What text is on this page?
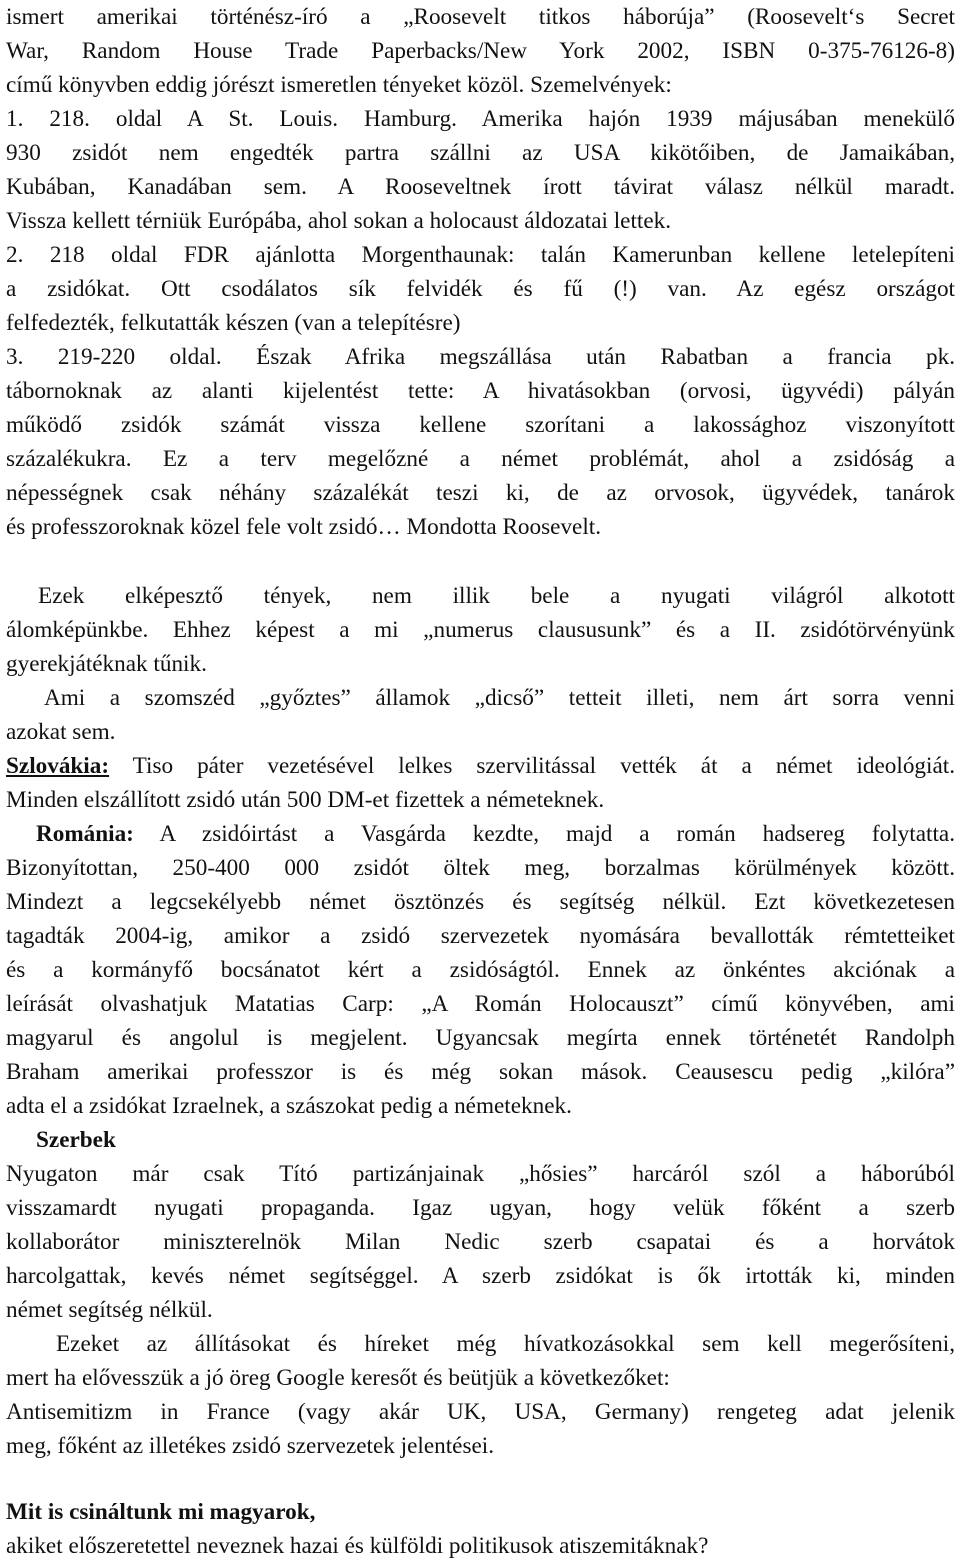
ismert amerikai történész-író a „Roosevelt titkos háborúja” (Roosevelt‘s Secret
War, Random House Trade Paperbacks/New York 2002, ISBN 0-375-76126-8)
című könyvben eddig jórészt ismeretlen tényeket közöl. Szemelvények:
1. 218. oldal A St. Louis. Hamburg. Amerika hajón 1939 májusában menekülő
930 zsidót nem engedték partra szállni az USA kikötőiben, de Jamaikában,
Kubában, Kanadában sem. A Rooseveltnek írott távirat válasz nélkül maradt.
Vissza kellett térniük Európába, ahol sokan a holocaust áldozatai lettek.
2. 218 oldal FDR ajánlotta Morgenthaunak: talán Kamerunban kellene letelepíteni
a zsidókat. Ott csodálatos sík felvidék és fű (!) van. Az egész országot
felfedezték, felkutatták készen (van a telepítésre)
3. 219-220 oldal. Észak Afrika megszállása után Rabatban a francia pk.
tábornoknak az alanti kijelentést tette: A hivatásokban (orvosi, ügyvédi) pályán
működő zsidók számát vissza kellene szorítani a lakossághoz viszonyított
százalékukra. Ez a terv megelőzné a német problémát, ahol a zsidóság a
népességnek csak néhány százalékát teszi ki, de az orvosok, ügyvédek, tanárok
és professzoroknak közel fele volt zsidó… Mondotta Roosevelt.
Ezek elképesztő tények, nem illik bele a nyugati világról alkotott
álomképünkbe. Ehhez képest a mi „numerus claususunk” és a II. zsidótörvényünk
gyerekjátéknak tűnik.
Ami a szomszéd „győztes” államok „dicső” tetteit illeti, nem árt sorra venni
azokat sem.
Szlovákia: Tiso páter vezetésével lelkes szervilitással vették át a német ideológiát.
Minden elszállított zsidó után 500 DM-et fizettek a németeknek.
Románia: A zsidóirtást a Vasgárda kezdte, majd a román hadsereg folytatta.
Bizonyítottan, 250-400 000 zsidót öltek meg, borzalmas körülmények között.
Mindezt a legcsekélyebb német ösztönzés és segítség nélkül. Ezt következetesen
tagadták 2004-ig, amikor a zsidó szervezetek nyomására bevallották rémtetteiket
és a kormányfő bocsánatot kért a zsidóságtól. Ennek az önkéntes akciónak a
leírását olvashatjuk Matatias Carp: „A Román Holocauszt” című könyvében, ami
magyarul és angolul is megjelent. Ugyancsak megírta ennek történetét Randolph
Braham amerikai professzor is és még sokan mások. Ceausescu pedig „kilóra”
adta el a zsidókat Izraelnek, a szászokat pedig a németeknek.
Szerbek
Nyugaton már csak Tító partizánjainak „hősies” harcáról szól a háborúból
visszamardt nyugati propaganda. Igaz ugyan, hogy velük főként a szerb
kollaborátor miniszterelnök Milan Nedic szerb csapatai és a horvátok
harcolgattak, kevés német segítséggel. A szerb zsidókat is ők irtották ki, minden
német segítség nélkül.
Ezeket az állításokat és híreket még hívatkozásokkal sem kell megerősíteni,
mert ha elővesszük a jó öreg Google keresőt és beütjük a következőket:
Antisemitizm in France (vagy akár UK, USA, Germany) rengeteg adat jelenik
meg, főként az illetékes zsidó szervezetek jelentései.
Mit is csináltunk mi magyarok,
akiket előszeretettel neveznek hazai és külföldi politikusok atiszemitáknak?
